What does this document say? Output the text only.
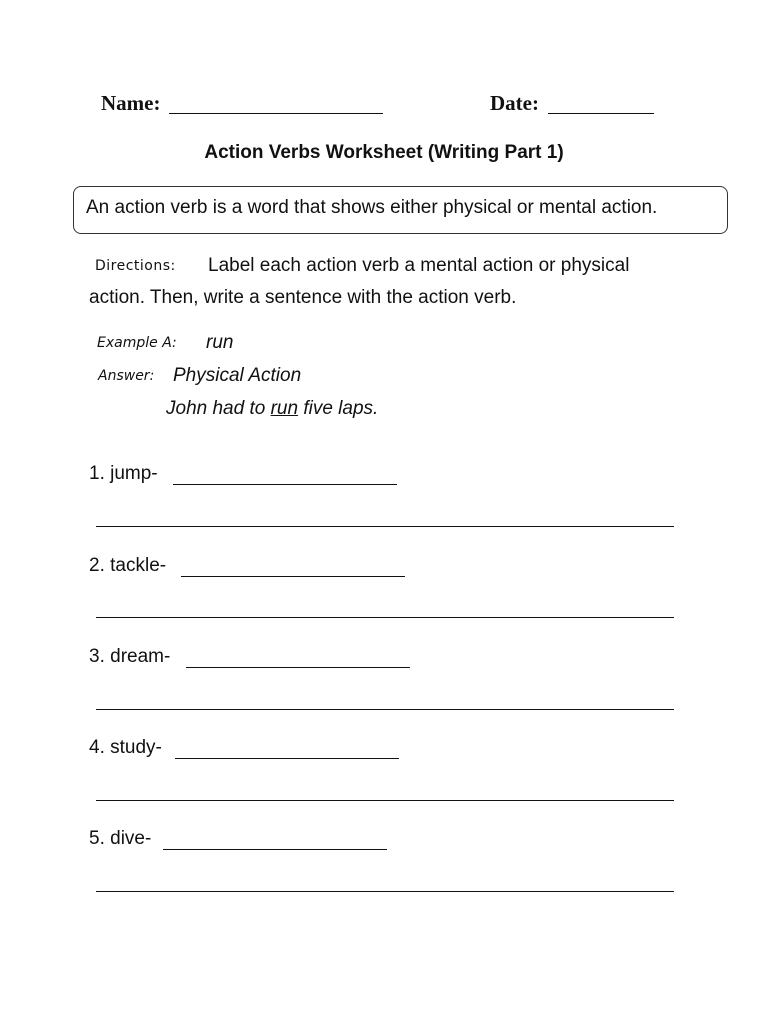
Name:	Date:
Action Verbs Worksheet (Writing Part 1)
An action verb is a word that shows either physical or mental action.
Directions: Label each action verb a mental action or physical
action. Then, write a sentence with the action verb.
Example A: run
Answer: Physical Action
John had to run five laps.
1. jump-
2. tackle-
3. dream-
4. study-
5. dive-
